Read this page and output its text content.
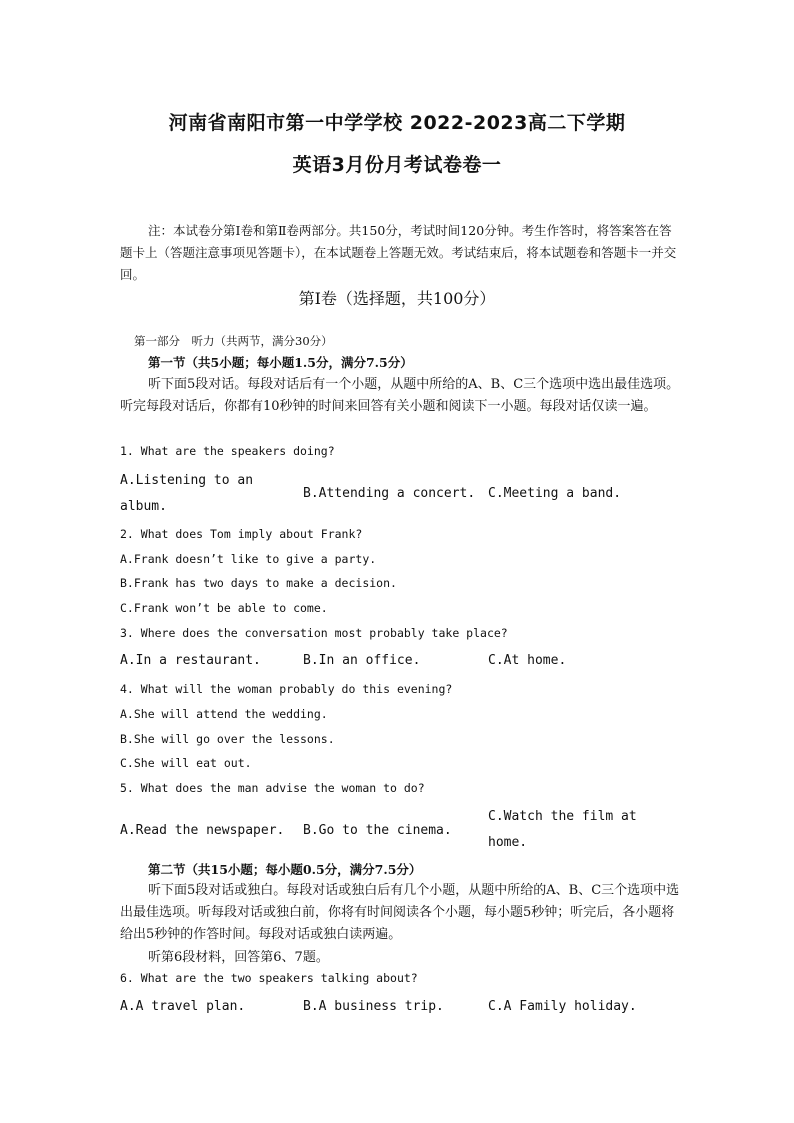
河南省南阳市第一中学学校 2022-2023高二下学期
英语3月份月考试卷卷一

注：本试卷分第Ⅰ卷和第Ⅱ卷两部分。共150分，考试时间120分钟。考生作答时，将答案答在答题卡上（答题注意事项见答题卡），在本试题卷上答题无效。考试结束后，将本试题卷和答题卡一并交回。

第Ⅰ卷（选择题，共100分）
第一部分　听力（共两节，满分30分）
第一节（共5小题；每小题1.5分，满分7.5分）

听下面5段对话。每段对话后有一个小题，从题中所给的A、B、C三个选项中选出最佳选项。听完每段对话后，你都有10秒钟的时间来回答有关小题和阅读下一小题。每段对话仅读一遍。

1. What are the speakers doing?
A.Listening to an
album.
B.Attending a concert. C.Meeting a band.
2. What does Tom imply about Frank?
A.Frank doesn’t like to give a party.
B.Frank has two days to make a decision.
C.Frank won’t be able to come.
3. Where does the conversation most probably take place?
A.In a restaurant.	B.In an office.	C.At home.
4. What will the woman probably do this evening?
A.She will attend the wedding.
B.She will go over the lessons.
C.She will eat out.
5. What does the man advise the woman to do?
A.Read the newspaper. B.Go to the cinema.
C.Watch the film at
home.
第二节（共15小题；每小题0.5分，满分7.5分）

听下面5段对话或独白。每段对话或独白后有几个小题，从题中所给的A、B、C三个选项中选出最佳选项。听每段对话或独白前，你将有时间阅读各个小题，每小题5秒钟；听完后，各小题将给出5秒钟的作答时间。每段对话或独白读两遍。

听第6段材料，回答第6、7题。
6. What are the two speakers talking about?
A.A travel plan.	B.A business trip.	C.A Family holiday.
